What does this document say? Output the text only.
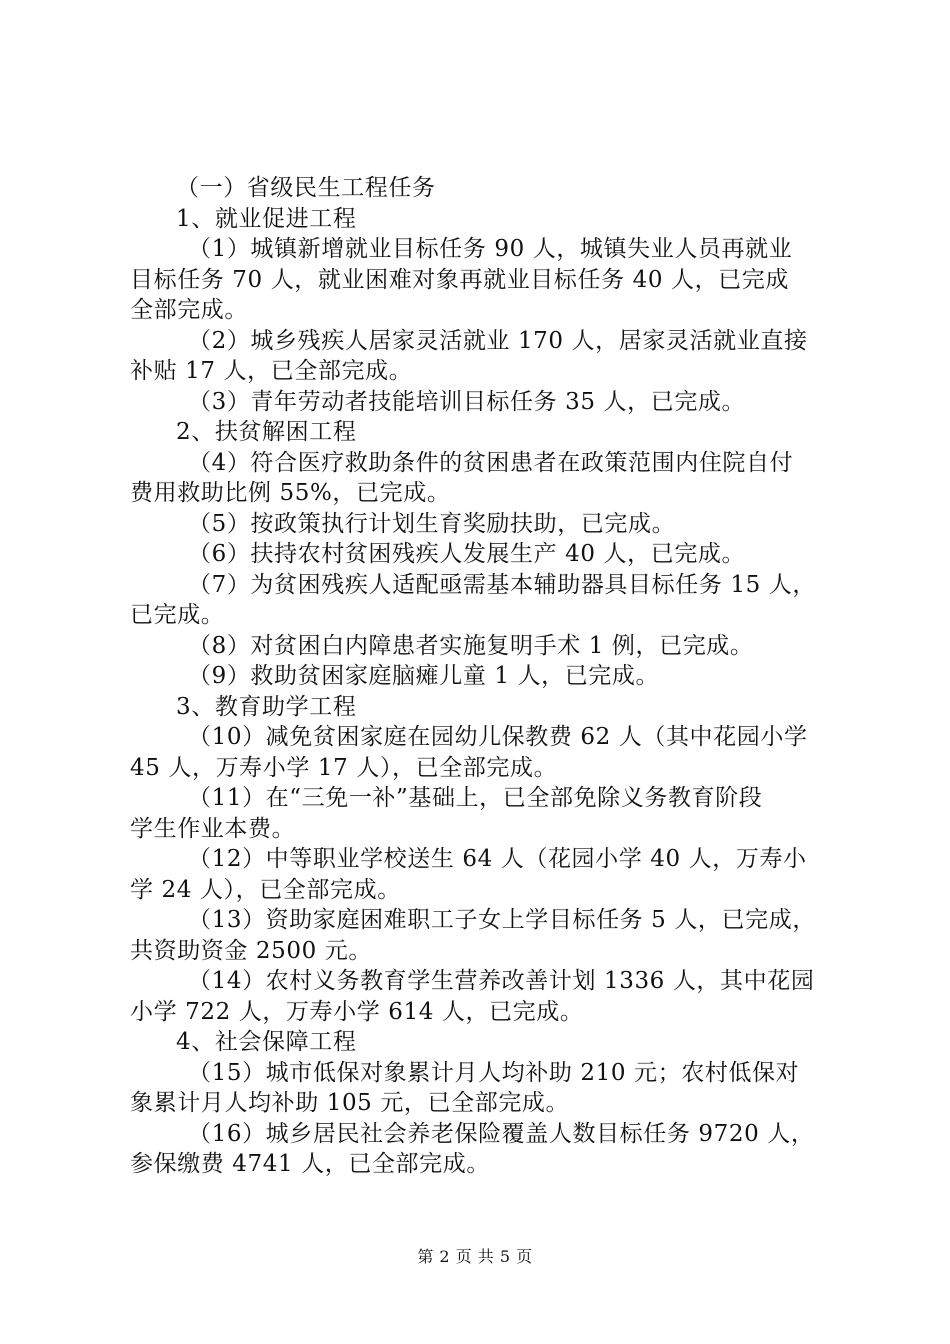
（一）省级民生工程任务
1、就业促进工程
（1）城镇新增就业目标任务 90 人，城镇失业人员再就业
目标任务 70 人，就业困难对象再就业目标任务 40 人，已完成
全部完成。
（2）城乡残疾人居家灵活就业 170 人，居家灵活就业直接
补贴 17 人，已全部完成。
（3）青年劳动者技能培训目标任务 35 人，已完成。
2、扶贫解困工程
（4）符合医疗救助条件的贫困患者在政策范围内住院自付
费用救助比例 55%，已完成。
（5）按政策执行计划生育奖励扶助，已完成。
（6）扶持农村贫困残疾人发展生产 40 人，已完成。
（7）为贫困残疾人适配亟需基本辅助器具目标任务 15 人，
已完成。
（8）对贫困白内障患者实施复明手术 1 例，已完成。
（9）救助贫困家庭脑瘫儿童 1 人，已完成。
3、教育助学工程
（10）减免贫困家庭在园幼儿保教费 62 人（其中花园小学
45 人，万寿小学 17 人），已全部完成。
（11）在“三免一补”基础上，已全部免除义务教育阶段
学生作业本费。
（12）中等职业学校送生 64 人（花园小学 40 人，万寿小
学 24 人），已全部完成。
（13）资助家庭困难职工子女上学目标任务 5 人，已完成，
共资助资金 2500 元。
（14）农村义务教育学生营养改善计划 1336 人，其中花园
小学 722 人，万寿小学 614 人，已完成。
4、社会保障工程
（15）城市低保对象累计月人均补助 210 元；农村低保对
象累计月人均补助 105 元，已全部完成。
（16）城乡居民社会养老保险覆盖人数目标任务 9720 人，
参保缴费 4741 人，已全部完成。
第 2 页 共 5 页
